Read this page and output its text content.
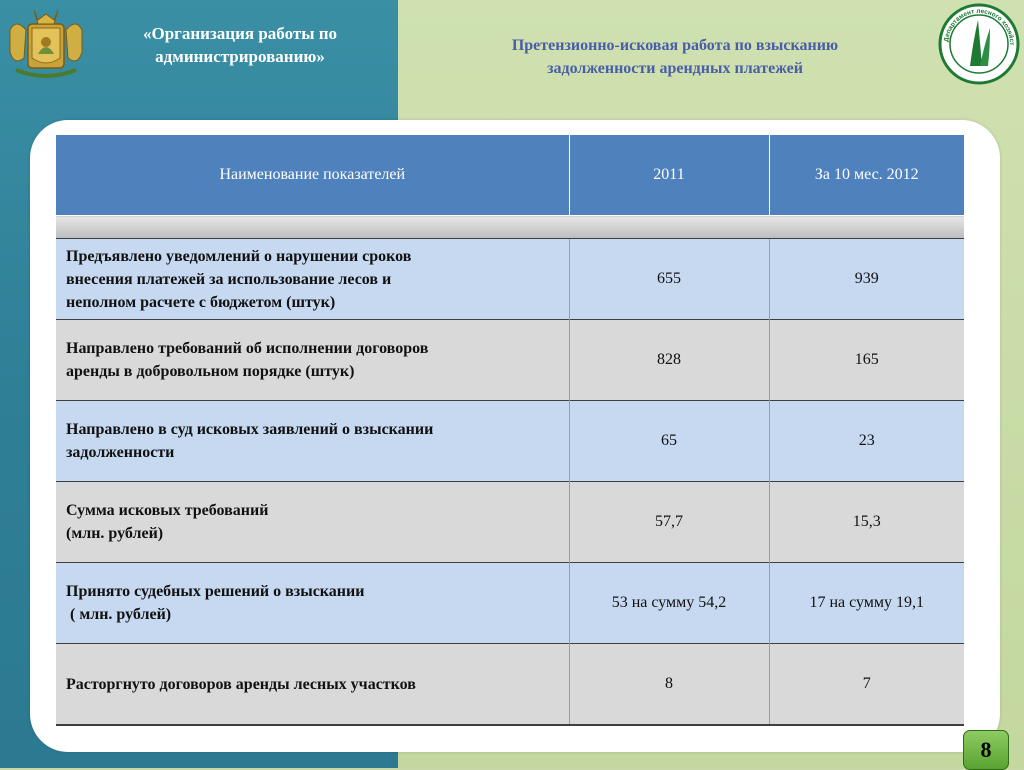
«Организация работы по
администрированию»
Претензионно-исковая работа по взысканию
задолженности арендных платежей
Департамент лесного хозяйст
Наименование показателей	2011	За 10 мес. 2012

Предъявлено уведомлений о нарушении сроков
внесения платежей за использование лесов и
неполном расчете с бюджетом (штук)	655	939

Направлено требований об исполнении договоров
аренды в добровольном порядке (штук)	828	165

Направлено в суд исковых заявлений о взыскании
задолженности	65	23

Сумма исковых требований
(млн. рублей)	57,7	15,3

Принято судебных решений о взыскании
( млн. рублей)	53 на сумму 54,2	17 на сумму 19,1

Расторгнуто договоров аренды лесных участков	8	7
8
